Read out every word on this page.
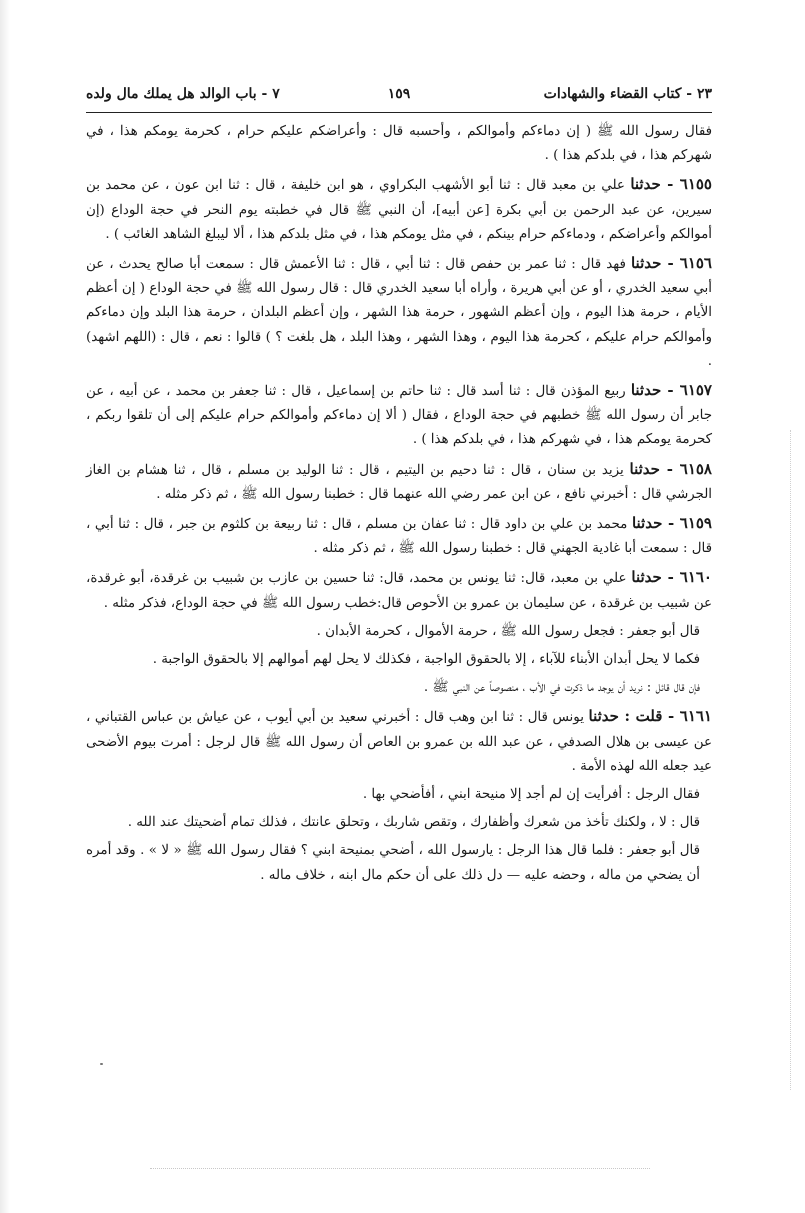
٢٣ - كتاب القضاء والشهادات
١٥٩
٧ - باب الوالد هل يملك مال ولده

فقال رسول الله ﷺ ( إن دماءكم وأموالكم ، وأحسبه قال : وأعراضكم عليكم حرام ، كحرمة يومكم هذا ، في شهركم هذا ، في بلدكم هذا ) .

٦١٥٥ - حدثنا علي بن معبد قال : ثنا أبو الأشهب البكراوي ، هو ابن خليفة ، قال : ثنا ابن عون ، عن محمد بن سيرين، عن عبد الرحمن بن أبي بكرة [عن أبيه]، أن النبي ﷺ قال في خطبته يوم النحر في حجة الوداع (إن أموالكم وأعراضكم ، ودماءكم حرام بينكم ، في مثل يومكم هذا ، في مثل بلدكم هذا ، ألا ليبلغ الشاهد الغائب ) .

٦١٥٦ - حدثنا فهد قال : ثنا عمر بن حفص قال : ثنا أبي ، قال : ثنا الأعمش قال : سمعت أبا صالح يحدث ، عن أبي سعيد الخدري ، أو عن أبي هريرة ، وأراه أبا سعيد الخدري قال : قال رسول الله ﷺ في حجة الوداع ( إن أعظم الأيام ، حرمة هذا اليوم ، وإن أعظم الشهور ، حرمة هذا الشهر ، وإن أعظم البلدان ، حرمة هذا البلد وإن دماءكم وأموالكم حرام عليكم ، كحرمة هذا اليوم ، وهذا الشهر ، وهذا البلد ، هل بلغت ؟ ) قالوا : نعم ، قال : (اللهم اشهد) .

٦١٥٧ - حدثنا ربيع المؤذن قال : ثنا أسد قال : ثنا حاتم بن إسماعيل ، قال : ثنا جعفر بن محمد ، عن أبيه ، عن جابر أن رسول الله ﷺ خطبهم في حجة الوداع ، فقال ( ألا إن دماءكم وأموالكم حرام عليكم إلى أن تلقوا ربكم ، كحرمة يومكم هذا ، في شهركم هذا ، في بلدكم هذا ) .

٦١٥٨ - حدثنا يزيد بن سنان ، قال : ثنا دحيم بن اليتيم ، قال : ثنا الوليد بن مسلم ، قال ، ثنا هشام بن الغاز الجرشي قال : أخبرني نافع ، عن ابن عمر رضي الله عنهما قال : خطبنا رسول الله ﷺ ، ثم ذكر مثله .

٦١٥٩ - حدثنا محمد بن علي بن داود قال : ثنا عفان بن مسلم ، قال : ثنا ربيعة بن كلثوم بن جبر ، قال : ثنا أبي ، قال : سمعت أبا غادية الجهني قال : خطبنا رسول الله ﷺ ، ثم ذكر مثله .

٦١٦٠ - حدثنا علي بن معبد، قال: ثنا يونس بن محمد، قال: ثنا حسين بن عازب بن شبيب بن غرقدة، أبو غرقدة، عن شبيب بن غرقدة ، عن سليمان بن عمرو بن الأحوص قال:خطب رسول الله ﷺ في حجة الوداع، فذكر مثله .

قال أبو جعفر : فجعل رسول الله ﷺ ، حرمة الأموال ، كحرمة الأبدان .

فكما لا يحل أبدان الأبناء للآباء ، إلا بالحقوق الواجبة ، فكذلك لا يحل لهم أموالهم إلا بالحقوق الواجبة .

فإن قال قائل : نريد أن يوجد ما ذكرت في الأب ، منصوصاً عن النبي ﷺ .

٦١٦١ - قلت : حدثنا يونس قال : ثنا ابن وهب قال : أخبرني سعيد بن أبي أيوب ، عن عياش بن عباس القتباني ، عن عيسى بن هلال الصدفي ، عن عبد الله بن عمرو بن العاص أن رسول الله ﷺ قال لرجل : أمرت بيوم الأضحى عيد جعله الله لهذه الأمة .

فقال الرجل : أفرأيت إن لم أجد إلا منيحة ابني ، أفأضحي بها .

قال : لا ، ولكنك تأخذ من شعرك وأظفارك ، وتقص شاربك ، وتحلق عانتك ، فذلك تمام أضحيتك عند الله .

قال أبو جعفر : فلما قال هذا الرجل : يارسول الله ، أضحي بمنيحة ابني ؟ فقال رسول الله ﷺ « لا » . وقد أمره أن يضحي من ماله ، وحضه عليه — دل ذلك على أن حكم مال ابنه ، خلاف ماله .
